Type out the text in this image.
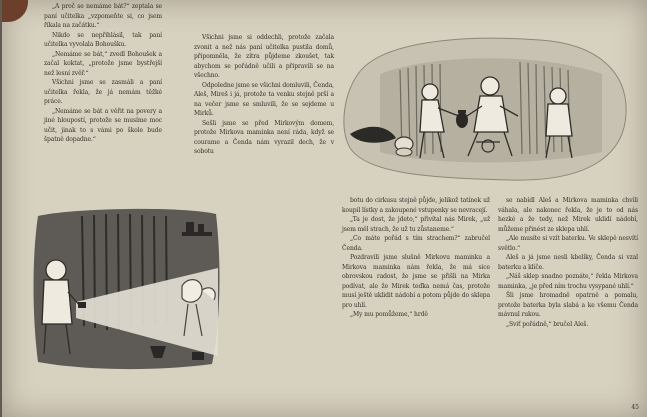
„A proč se nemáme bát?“ zeptala se paní učitelka „vzpomeňte si, co jsem říkala na začátku.“

Nikdo se nepřihlásil, tak paní učitelka vyvolala Bohoušku.

„Nemáme se bát,“ zvedl Bohoušek a začal koktat, „protože jsme bystřejší než lesní zvěř.“

Všichni jsme se zasmáli a paní učitelka řekla, že já nemám těžké práce.

„Nemáme se bát a věřit na povery a jiné hloupostí, protože se musíme moc učit, jinak to s vámi po škole bude špatně dopadne.“

Všichni jsme si oddechli, protože začala zvonit a než nás paní učitelka pustila domů, připomněla, že zítra půjdeme zkoušet, tak abychom se pořádně učili a připravili se na všechno.

Odpoledne jsme se všichni domluvili, Čenda, Aleš, Mireš i já, protože ta venku stejně prší a na večer jsme se smluvili, že se sejdeme u Mirků.

Sešli jsme se před Mirkovým domem, protože Mirkova maminka není ráda, když se courame a Čenda nám vyrazil dech, že v sobotu

botu do cirkusu stejně půjde, jelikož tatínek už koupil lístky a zakoupené vstupenky se nevracejí.

„Ta je dost, že jdeto,“ přivítal nás Mirek, „už jsem měl strach, že už tu zůstaneme.“

„Co máte pořád s tím strachem?“ zabručel Čenda.

Pozdravili jsme slušně Mirkovu maminku a Mirkova maminka nám řekla, že má sice obrovskou radost, že jsme se přišli na Mirka podívat, ale že Mirek teďka nemá čas, protože musí ještě uklidit nádobí a potom půjde do sklepa pro uhlí.

„My mu pomůžeme,“ hrdě

se nabídl Aleš a Mirkova maminka chvíli váhala, ale nakonec řekla, že je to od nás hezké a že tedy, než Mirek uklidí nádobí, můžeme přinést ze sklepa uhlí.

„Ale musíte si vzít baterku. Ve sklepě nesvítí světlo.“

Aleš a já jsme nesli kbelíky, Čenda si vzal baterku a klíče.

„Náš sklep snadno poznáte,“ řekla Mirkova maminka, „je před ním trochu vysypané uhlí.“

Šli jsme hromadně opatrně a pomalu, protože baterka byla slabá a ke všemu Čenda mávnul rukou.

„Sviť pořádně,“ bručel Aleš.

45
